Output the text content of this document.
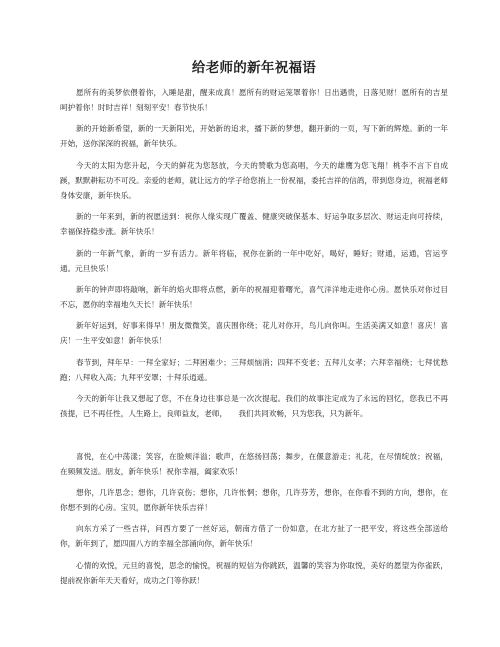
给老师的新年祝福语

愿所有的美梦依偎着你，入睡是甜，醒来成真！愿所有的财运笼罩着你！日出遇贵，日落见财！愿所有的吉星呵护着你！时时吉祥！刻刻平安！春节快乐！

新的开始新希望，新的一天新阳光，开始新的追求，播下新的梦想，翻开新的一页，写下新的辉煌。新的一年开始，送你深深的祝福，新年快乐。

今天的太阳为您升起，今天的鲜花为您怒放，今天的赞歌为您高唱，今天的雄鹰为您飞翔！桃李不言下自成蹊，默默耕耘功不可没。亲爱的老师，就让远方的学子给您捎上一份祝福，委托吉祥的信鸽，带到您身边，祝福老师身体安康，新年快乐。

新的一年来到，新的祝愿送到：祝你人缘实现广覆盖、健康突破保基本、好运争取多层次、财运走向可持续，幸福保持稳步涨。新年快乐！

新的一年新气象，新的一岁有活力。新年将临，祝你在新的一年中吃好，喝好，睡好；财通，运通，官运亨通。元旦快乐！

新年的钟声即将敲响，新年的焰火即将点燃，新年的祝福迎着曙光，喜气洋洋地走进你心房。愿快乐对你过目不忘，愿你的幸福地久天长！新年快乐！

新年好运到，好事来得早！朋友微微笑，喜庆围你绕；花儿对你开，鸟儿向你叫。生活美满又如意！喜庆！喜庆！一生平安如意！新年快乐！

春节到，拜年早：一拜全家好；二拜困难少；三拜烦恼消；四拜不变老；五拜儿女孝；六拜幸福绕；七拜忧愁跑；八拜收入高；九拜平安罩；十拜乐逍遥。

今天的新年让我又想起了您，不在身边往事总是一次次提起。我们的故事注定成为了永远的回忆，您我已不再孩提，已不再任性，人生路上，良师益友，老师，　　我们共同欢畅，只为您我，只为新年。

喜悦，在心中荡漾；笑容，在脸颊洋溢；歌声，在悠扬回荡；舞步，在偃意游走；礼花，在尽情绽放；祝福，在频频发送。朋友，新年快乐！祝你幸福，阖家欢乐！

想你，几许思念；想你，几许哀伤；想你，几许怅惘；想你，几许芬芳，想你，在你看不到的方向，想你，在你想不到的心房。宝贝，愿你新年快乐吉祥！

向东方采了一些吉祥，问西方要了一丝好运，朝南方借了一份如意，在北方扯了一把平安，将这些全部送给你，新年到了，愿四面八方的幸福全部涌向你，新年快乐！

心情的欢悦，元旦的喜悦，思念的愉悦，祝福的短信为你跳跃，温馨的笑容为你取悦，美好的愿望为你雀跃，提前祝你新年天天看好，成功之门等你跃！
